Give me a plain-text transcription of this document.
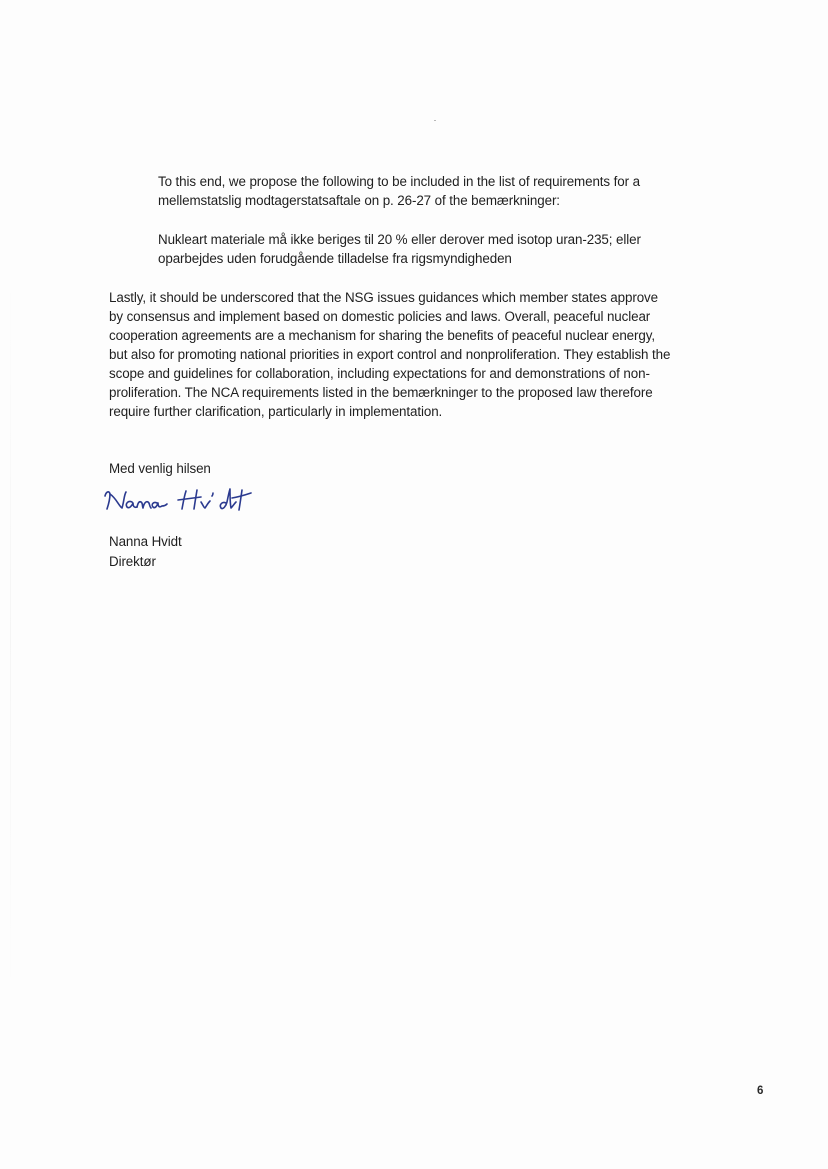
To this end, we propose the following to be included in the list of requirements for a
mellemstatslig modtagerstatsaftale on p. 26-27 of the bemærkninger:

Nukleart materiale må ikke beriges til 20 % eller derover med isotop uran-235; eller
oparbejdes uden forudgående tilladelse fra rigsmyndigheden

Lastly, it should be underscored that the NSG issues guidances which member states approve
by consensus and implement based on domestic policies and laws. Overall, peaceful nuclear
cooperation agreements are a mechanism for sharing the benefits of peaceful nuclear energy,
but also for promoting national priorities in export control and nonproliferation. They establish the
scope and guidelines for collaboration, including expectations for and demonstrations of non-
proliferation. The NCA requirements listed in the bemærkninger to the proposed law therefore
require further clarification, particularly in implementation.

Med venlig hilsen

Nanna Hvidt

Direktør

6
